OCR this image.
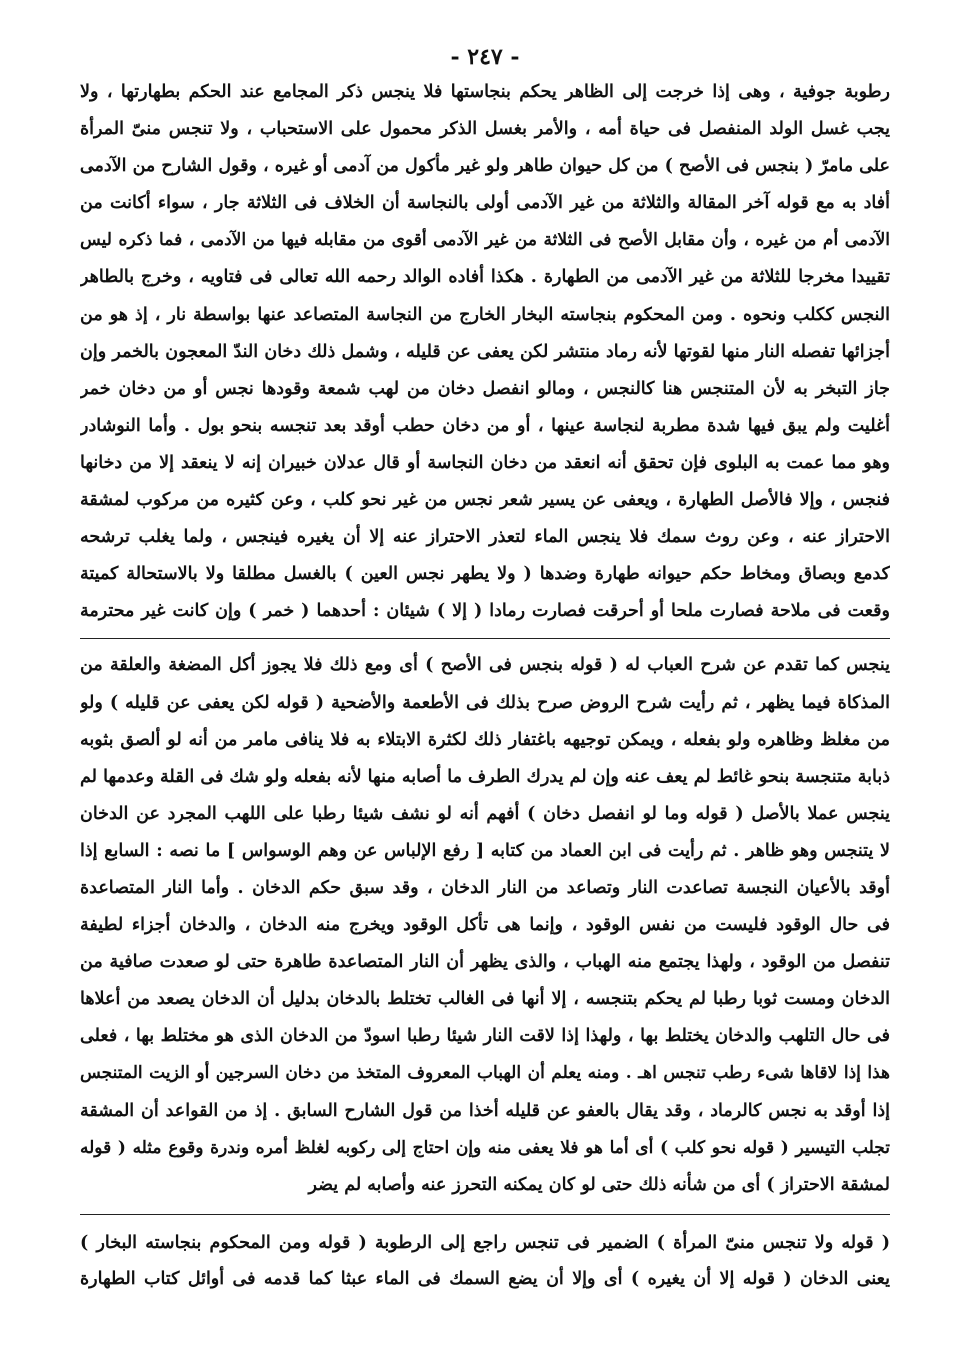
- ٢٤٧ -
رطوبة جوفية ، وهى إذا خرجت إلى الظاهر يحكم بنجاستها فلا ينجس ذكر المجامع عند الحكم بطهارتها ، ولا
يجب غسل الولد المنفصل فى حياة أمه ، والأمر بغسل الذكر محمول على الاستحباب ، ولا تنجس منىّ المرأة
على مامرّ ( بنجس فى الأصح ) من كل حيوان طاهر ولو غير مأكول من آدمى أو غيره ، وقول الشارح من الآدمى
أفاد به مع قوله آخر المقالة والثلاثة من غير الآدمى أولى بالنجاسة أن الخلاف فى الثلاثة جار ، سواء أكانت من
الآدمى أم من غيره ، وأن مقابل الأصح فى الثلاثة من غير الآدمى أقوى من مقابله فيها من الآدمى ، فما ذكره ليس
تقييدا مخرجا للثلاثة من غير الآدمى من الطهارة . هكذا أفاده الوالد رحمه الله تعالى فى فتاويه ، وخرج بالطاهر
النجس ككلب ونحوه . ومن المحكوم بنجاسته البخار الخارج من النجاسة المتصاعد عنها بواسطة نار ، إذ هو من
أجزائها تفصله النار منها لقوتها لأنه رماد منتشر لكن يعفى عن قليله ، وشمل ذلك دخان الندّ المعجون بالخمر وإن
جاز التبخر به لأن المتنجس هنا كالنجس ، ومالو انفصل دخان من لهب شمعة وقودها نجس أو من دخان خمر
أغليت ولم يبق فيها شدة مطربة لنجاسة عينها ، أو من دخان حطب أوقد بعد تنجسه بنحو بول . وأما النوشادر
وهو مما عمت به البلوى فإن تحقق أنه انعقد من دخان النجاسة أو قال عدلان خبيران إنه لا ينعقد إلا من دخانها
فنجس ، وإلا فالأصل الطهارة ، ويعفى عن يسير شعر نجس من غير نحو كلب ، وعن كثيره من مركوب لمشقة
الاحتراز عنه ، وعن روث سمك فلا ينجس الماء لتعذر الاحتراز عنه إلا أن يغيره فينجس ، ولما يغلب ترشحه
كدمع وبصاق ومخاط حكم حيوانه طهارة وضدها ( ولا يطهر نجس العين ) بالغسل مطلقا ولا بالاستحالة كميتة
وقعت فى ملاحة فصارت ملحا أو أحرقت فصارت رمادا ( إلا ) شيئان : أحدهما ( خمر ) وإن كانت غير محترمة
ينجس كما تقدم عن شرح العباب له ( قوله بنجس فى الأصح ) أى ومع ذلك فلا يجوز أكل المضغة والعلقة من
المذكاة فيما يظهر ، ثم رأيت شرح الروض صرح بذلك فى الأطعمة والأضحية ( قوله لكن يعفى عن قليله ) ولو
من مغلظ وظاهره ولو بفعله ، ويمكن توجيهه باغتفار ذلك لكثرة الابتلاء به فلا ينافى مامر من أنه لو ألصق بثوبه
ذبابة متنجسة بنحو غائط لم يعف عنه وإن لم يدرك الطرف ما أصابه منها لأنه بفعله ولو شك فى القلة وعدمها لم
ينجس عملا بالأصل ( قوله وما لو انفصل دخان ) أفهم أنه لو نشف شيئا رطبا على اللهب المجرد عن الدخان
لا يتنجس وهو ظاهر . ثم رأيت فى ابن العماد من كتابه [ رفع الإلباس عن وهم الوسواس ] ما نصه : السابع إذا
أوقد بالأعيان النجسة تصاعدت النار وتصاعد من النار الدخان ، وقد سبق حكم الدخان . وأما النار المتصاعدة
فى حال الوقود فليست من نفس الوقود ، وإنما هى تأكل الوقود ويخرج منه الدخان ، والدخان أجزاء لطيفة
تنفصل من الوقود ، ولهذا يجتمع منه الهباب ، والذى يظهر أن النار المتصاعدة طاهرة حتى لو صعدت صافية من
الدخان ومست ثوبا رطبا لم يحكم بتنجسه ، إلا أنها فى الغالب تختلط بالدخان بدليل أن الدخان يصعد من أعلاها
فى حال التلهب والدخان يختلط بها ، ولهذا إذا لاقت النار شيئا رطبا اسودّ من الدخان الذى هو مختلط بها ، فعلى
هذا إذا لاقاها شىء رطب تنجس اهـ . ومنه يعلم أن الهباب المعروف المتخذ من دخان السرجين أو الزيت المتنجس
إذا أوقد به نجس كالرماد ، وقد يقال بالعفو عن قليله أخذا من قول الشارح السابق . إذ من القواعد أن المشقة
تجلب التيسير ( قوله نحو كلب ) أى أما هو فلا يعفى منه وإن احتاج إلى ركوبه لغلظ أمره وندرة وقوع مثله ( قوله
لمشقة الاحتراز ) أى من شأنه ذلك حتى لو كان يمكنه التحرز عنه وأصابه لم يضر
( قوله ولا تنجس منىّ المرأة ) الضمير فى تنجس راجع إلى الرطوبة ( قوله ومن المحكوم بنجاسته البخار )
يعنى الدخان ( قوله إلا أن يغيره ) أى وإلا أن يضع السمك فى الماء عبثا كما قدمه فى أوائل كتاب الطهارة
